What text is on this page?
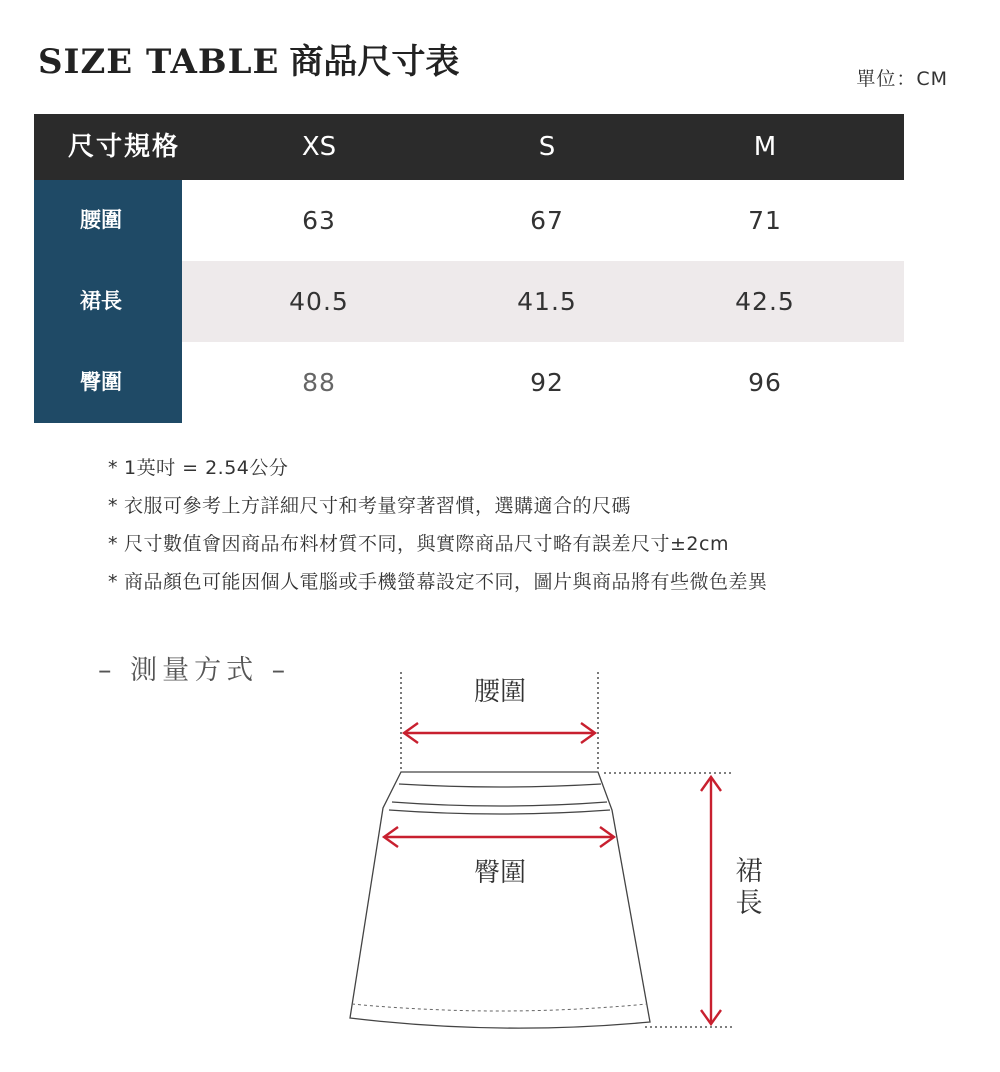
SIZE TABLE 商品尺寸表	單位：CM
尺寸規格	XS	S	M
腰圍	63	67	71
裙長	40.5	41.5	42.5
臀圍	88	92	96
* 1英吋 = 2.54公分
* 衣服可參考上方詳細尺寸和考量穿著習慣，選購適合的尺碼
* 尺寸數值會因商品布料材質不同，與實際商品尺寸略有誤差尺寸±2cm
* 商品顏色可能因個人電腦或手機螢幕設定不同，圖片與商品將有些微色差異
– 測量方式 –
腰圍
臀圍	裙
長
